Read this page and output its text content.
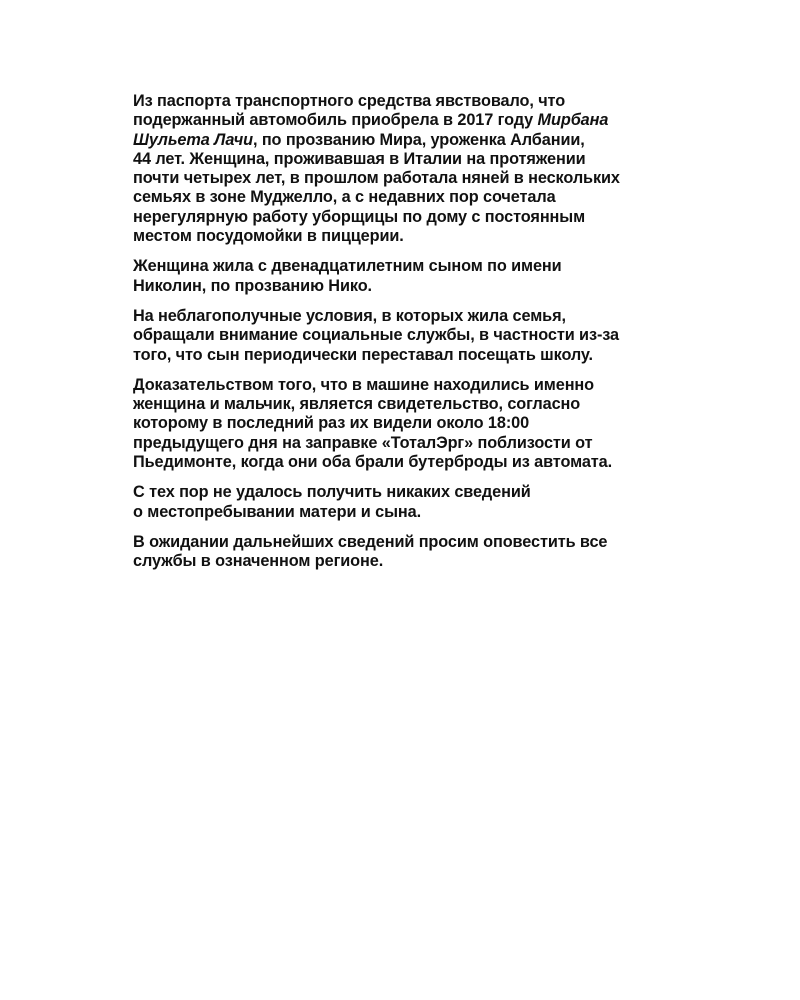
Из паспорта транспортного средства явствовало, что
подержанный автомобиль приобрела в 2017 году Мирбана
Шульета Лачи, по прозванию Мира, уроженка Албании,
44 лет. Женщина, проживавшая в Италии на протяжении
почти четырех лет, в прошлом работала няней в нескольких
семьях в зоне Муджелло, а с недавних пор сочетала
нерегулярную работу уборщицы по дому с постоянным
местом посудомойки в пиццерии.

Женщина жила с двенадцатилетним сыном по имени
Николин, по прозванию Нико.

На неблагополучные условия, в которых жила семья,
обращали внимание социальные службы, в частности из-за
того, что сын периодически переставал посещать школу.

Доказательством того, что в машине находились именно
женщина и мальчик, является свидетельство, согласно
которому в последний раз их видели около 18:00
предыдущего дня на заправке «ТоталЭрг» поблизости от
Пьедимонте, когда они оба брали бутерброды из автомата.

С тех пор не удалось получить никаких сведений
о местопребывании матери и сына.

В ожидании дальнейших сведений просим оповестить все
службы в означенном регионе.
